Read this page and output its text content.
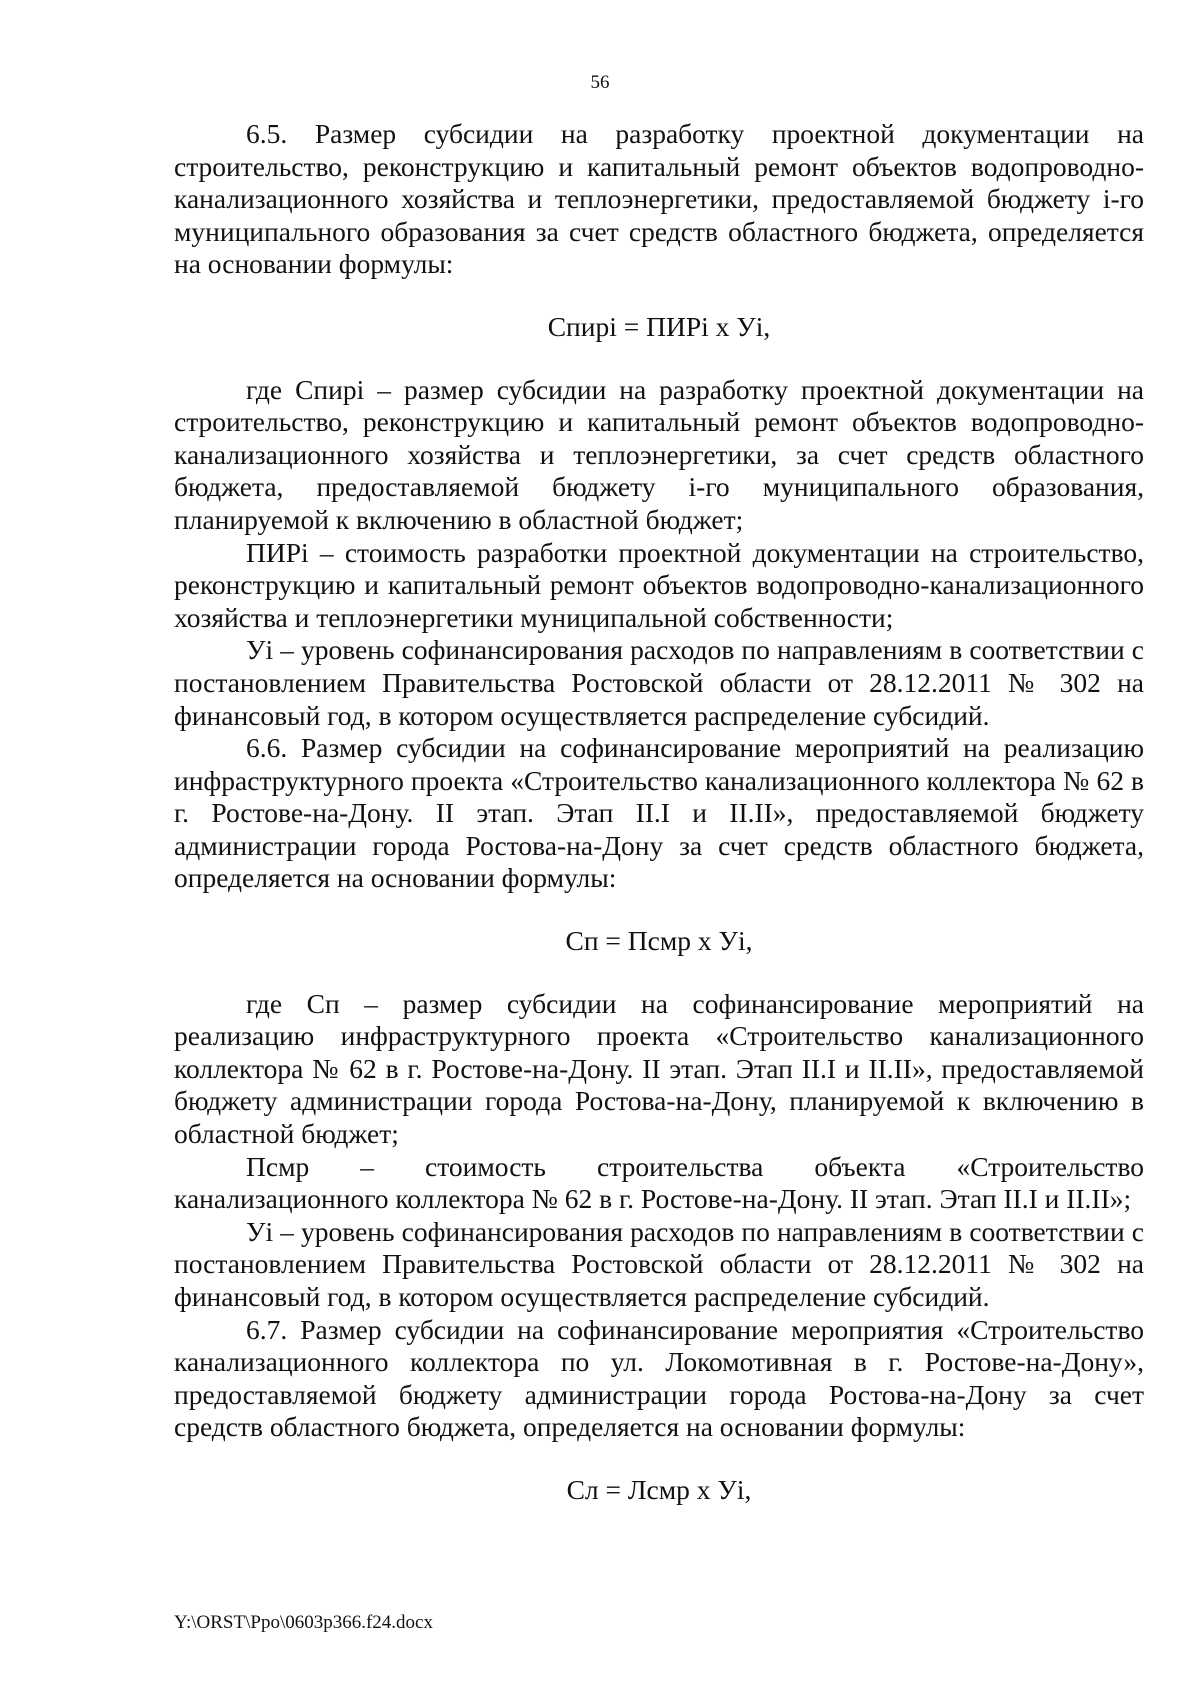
56

6.5. Размер субсидии на разработку проектной документации на строительство, реконструкцию и капитальный ремонт объектов водопроводно-канализационного хозяйства и теплоэнергетики, предоставляемой бюджету i-го муниципального образования за счет средств областного бюджета, определяется на основании формулы:

Спирi = ПИРi x Уi,

где Спирi – размер субсидии на разработку проектной документации на строительство, реконструкцию и капитальный ремонт объектов водопроводно-канализационного хозяйства и теплоэнергетики, за счет средств областного бюджета, предоставляемой бюджету i-го муниципального образования, планируемой к включению в областной бюджет;

ПИРi – стоимость разработки проектной документации на строительство, реконструкцию и капитальный ремонт объектов водопроводно-канализационного хозяйства и теплоэнергетики муниципальной собственности;

Уi – уровень софинансирования расходов по направлениям в соответствии с постановлением Правительства Ростовской области от 28.12.2011 № 302 на финансовый год, в котором осуществляется распределение субсидий.

6.6. Размер субсидии на софинансирование мероприятий на реализацию инфраструктурного проекта «Строительство канализационного коллектора № 62 в г. Ростове-на-Дону. II этап. Этап II.I и II.II», предоставляемой бюджету администрации города Ростова-на-Дону за счет средств областного бюджета, определяется на основании формулы:

Сп = Псмр x Уi,

где Сп – размер субсидии на софинансирование мероприятий на реализацию инфраструктурного проекта «Строительство канализационного коллектора № 62 в г. Ростове-на-Дону. II этап. Этап II.I и II.II», предоставляемой бюджету администрации города Ростова-на-Дону, планируемой к включению в областной бюджет;

Псмр – стоимость строительства объекта «Строительство канализационного коллектора № 62 в г. Ростове-на-Дону. II этап. Этап II.I и II.II»;

Уi – уровень софинансирования расходов по направлениям в соответствии с постановлением Правительства Ростовской области от 28.12.2011 № 302 на финансовый год, в котором осуществляется распределение субсидий.

6.7. Размер субсидии на софинансирование мероприятия «Строительство канализационного коллектора по ул. Локомотивная в г. Ростове-на-Дону», предоставляемой бюджету администрации города Ростова-на-Дону за счет средств областного бюджета, определяется на основании формулы:

Сл = Лсмр x Уi,

Y:\ORST\Ppo\0603p366.f24.docx
